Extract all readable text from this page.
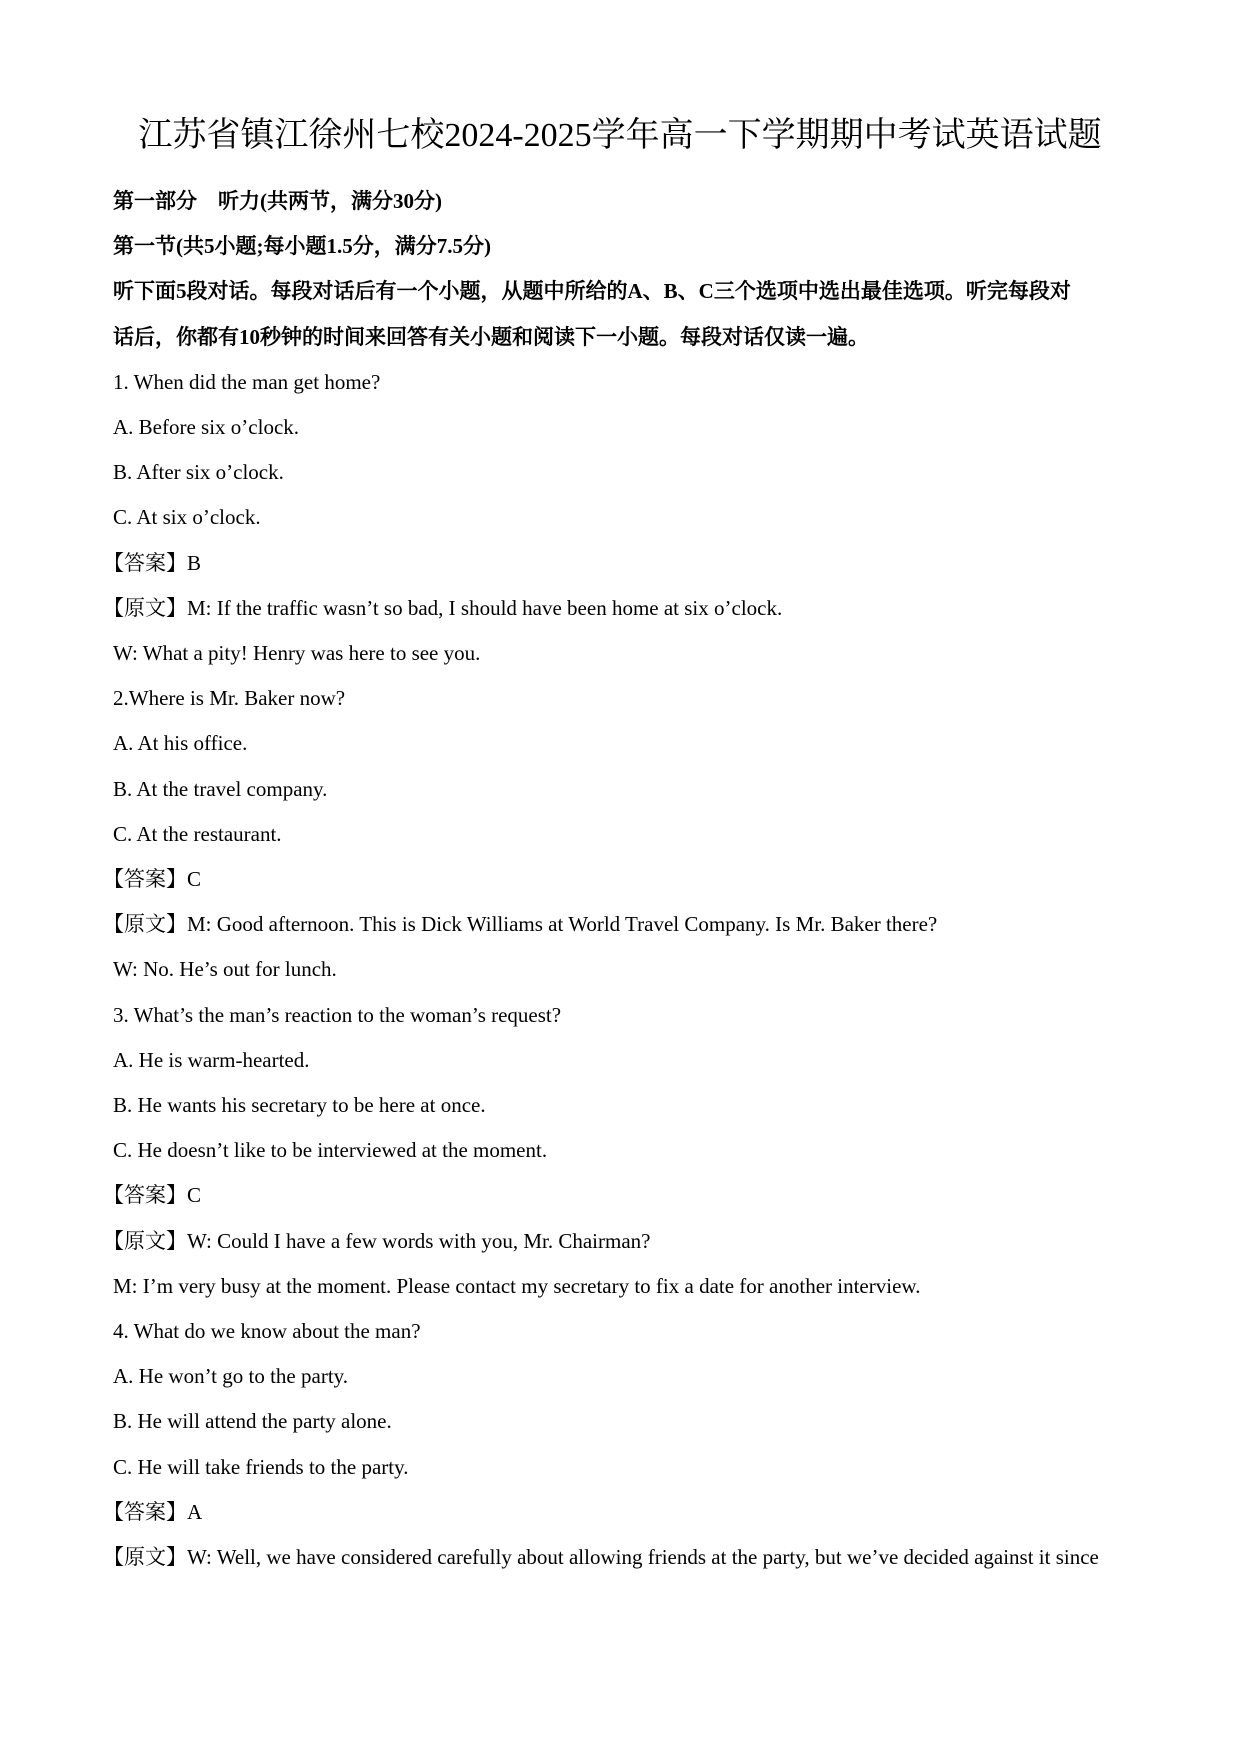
江苏省镇江徐州七校2024-2025学年高一下学期期中考试英语试题

第一部分　听力(共两节，满分30分)

第一节(共5小题;每小题1.5分，满分7.5分)

听下面5段对话。每段对话后有一个小题，从题中所给的A、B、C三个选项中选出最佳选项。听完每段对

话后，你都有10秒钟的时间来回答有关小题和阅读下一小题。每段对话仅读一遍。

1. When did the man get home?

A. Before six o’clock.

B. After six o’clock.

C. At six o’clock.

【答案】B

【原文】M: If the traffic wasn’t so bad, I should have been home at six o’clock.

W: What a pity! Henry was here to see you.

2.Where is Mr. Baker now?

A. At his office.

B. At the travel company.

C. At the restaurant.

【答案】C

【原文】M: Good afternoon. This is Dick Williams at World Travel Company. Is Mr. Baker there?

W: No. He’s out for lunch.

3. What’s the man’s reaction to the woman’s request?

A. He is warm-hearted.

B. He wants his secretary to be here at once.

C. He doesn’t like to be interviewed at the moment.

【答案】C

【原文】W: Could I have a few words with you, Mr. Chairman?

M: I’m very busy at the moment. Please contact my secretary to fix a date for another interview.

4. What do we know about the man?

A. He won’t go to the party.

B. He will attend the party alone.

C. He will take friends to the party.

【答案】A

【原文】W: Well, we have considered carefully about allowing friends at the party, but we’ve decided against it since
